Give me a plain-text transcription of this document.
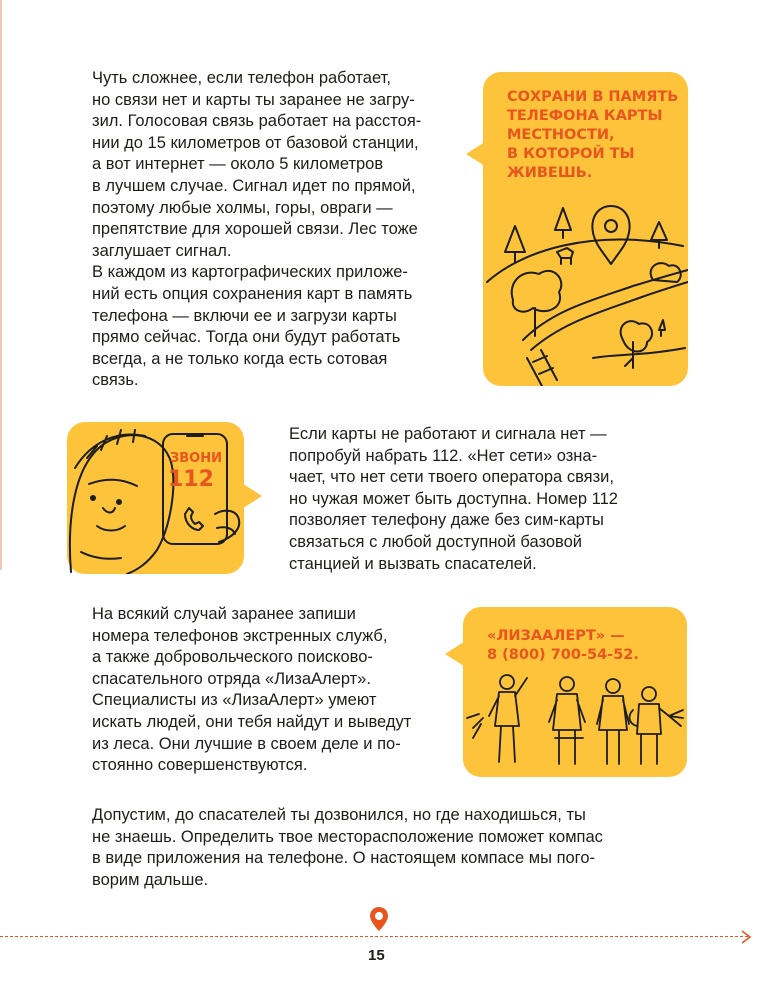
Чуть сложнее, если телефон работает,
но связи нет и карты ты заранее не загру-
зил. Голосовая связь работает на расстоя-
нии до 15 километров от базовой станции,
а вот интернет — около 5 километров
в лучшем случае. Сигнал идет по прямой,
поэтому любые холмы, горы, овраги —
препятствие для хорошей связи. Лес тоже
заглушает сигнал.
В каждом из картографических приложе-
ний есть опция сохранения карт в память
телефона — включи ее и загрузи карты
прямо сейчас. Тогда они будут работать
всегда, а не только когда есть сотовая
связь.
СОХРАНИ В ПАМЯТЬ
ТЕЛЕФОНА КАРТЫ
МЕСТНОСТИ,
В КОТОРОЙ ТЫ
ЖИВЕШЬ.
ЗВОНИ
112
Если карты не работают и сигнала нет —
попробуй набрать 112. «Нет сети» озна-
чает, что нет сети твоего оператора связи,
но чужая может быть доступна. Номер 112
позволяет телефону даже без сим-карты
связаться с любой доступной базовой
станцией и вызвать спасателей.
На всякий случай заранее запиши
номера телефонов экстренных служб,
а также добровольческого поисково-
спасательного отряда «ЛизаАлерт».
Специалисты из «ЛизаАлерт» умеют
искать людей, они тебя найдут и выведут
из леса. Они лучшие в своем деле и по-
стоянно совершенствуются.
«ЛИЗААЛЕРТ» —
8 (800) 700-54-52.
Допустим, до спасателей ты дозвонился, но где находишься, ты
не знаешь. Определить твое месторасположение поможет компас
в виде приложения на телефоне. О настоящем компасе мы пого-
ворим дальше.
15
